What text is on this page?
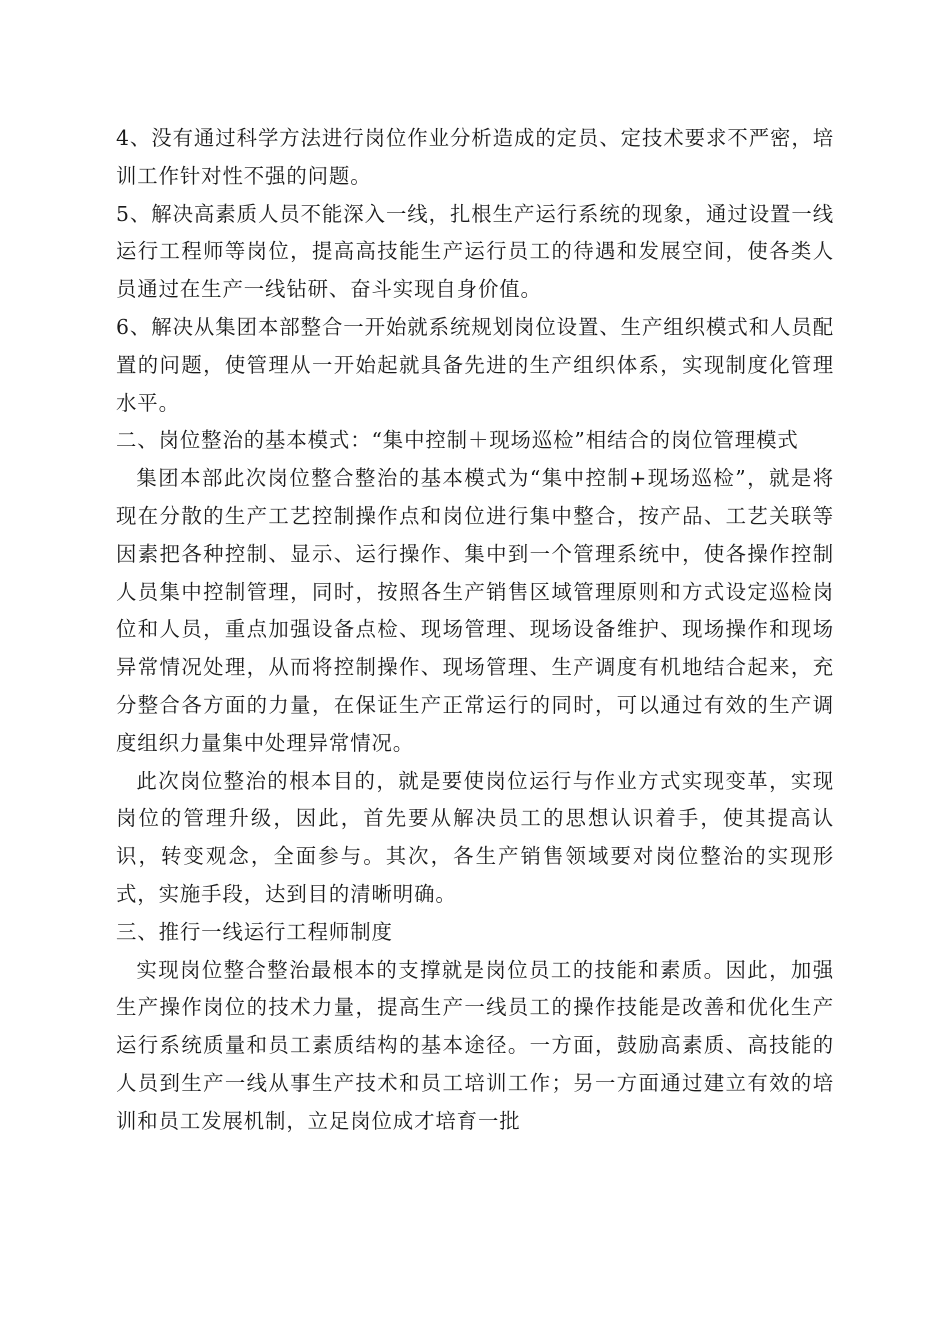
4、没有通过科学方法进行岗位作业分析造成的定员、定技术要求不严密，培训工作针对性不强的问题。

5、解决高素质人员不能深入一线，扎根生产运行系统的现象，通过设置一线运行工程师等岗位，提高高技能生产运行员工的待遇和发展空间，使各类人员通过在生产一线钻研、奋斗实现自身价值。

6、解决从集团本部整合一开始就系统规划岗位设置、生产组织模式和人员配置的问题，使管理从一开始起就具备先进的生产组织体系，实现制度化管理水平。

二、岗位整治的基本模式：“集中控制＋现场巡检”相结合的岗位管理模式

集团本部此次岗位整合整治的基本模式为“集中控制+现场巡检”，就是将现在分散的生产工艺控制操作点和岗位进行集中整合，按产品、工艺关联等因素把各种控制、显示、运行操作、集中到一个管理系统中，使各操作控制人员集中控制管理，同时，按照各生产销售区域管理原则和方式设定巡检岗位和人员，重点加强设备点检、现场管理、现场设备维护、现场操作和现场异常情况处理，从而将控制操作、现场管理、生产调度有机地结合起来，充分整合各方面的力量，在保证生产正常运行的同时，可以通过有效的生产调度组织力量集中处理异常情况。

此次岗位整治的根本目的，就是要使岗位运行与作业方式实现变革，实现岗位的管理升级，因此，首先要从解决员工的思想认识着手，使其提高认识，转变观念，全面参与。其次，各生产销售领域要对岗位整治的实现形式，实施手段，达到目的清晰明确。

三、推行一线运行工程师制度

实现岗位整合整治最根本的支撑就是岗位员工的技能和素质。因此，加强生产操作岗位的技术力量，提高生产一线员工的操作技能是改善和优化生产运行系统质量和员工素质结构的基本途径。一方面，鼓励高素质、高技能的人员到生产一线从事生产技术和员工培训工作；另一方面通过建立有效的培训和员工发展机制，立足岗位成才培育一批
